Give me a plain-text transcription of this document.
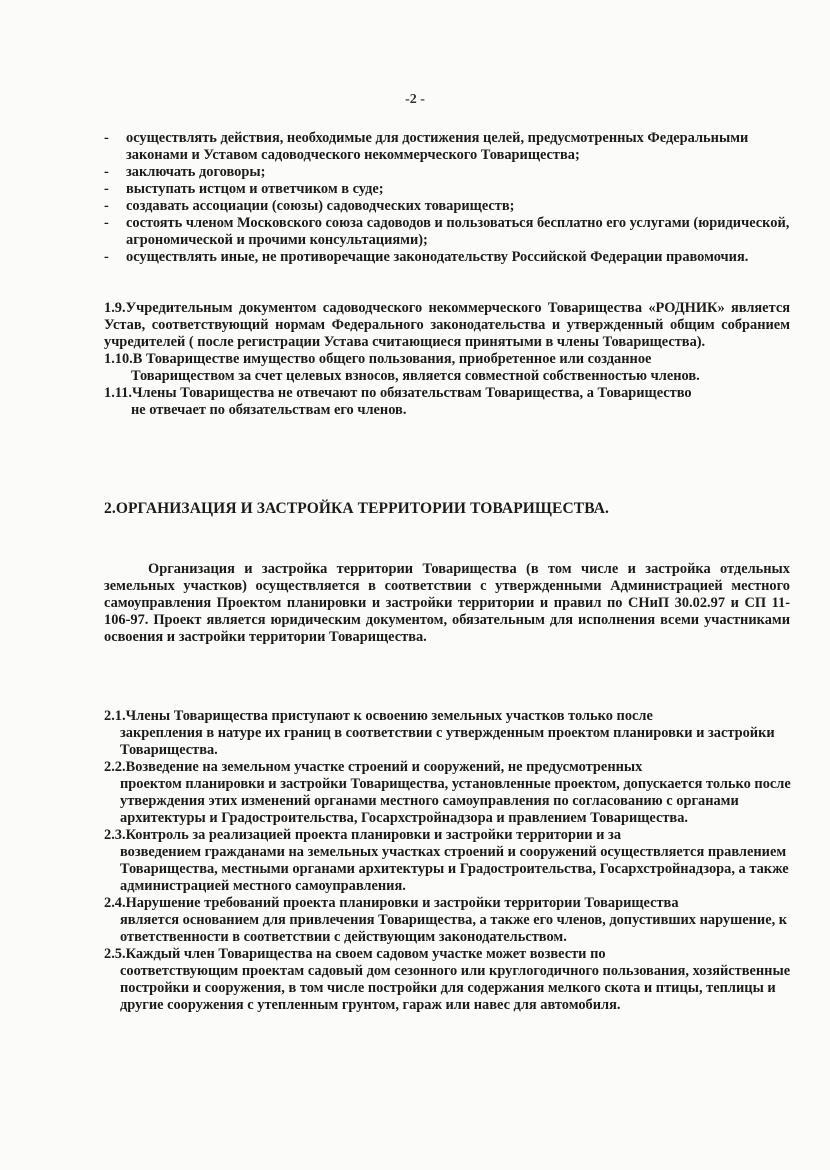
-2 -

- осуществлять действия, необходимые для достижения целей, предусмотренных Федеральными законами и Уставом садоводческого некоммерческого Товарищества;

- заключать договоры;

- выступать истцом и ответчиком в суде;

- создавать ассоциации (союзы) садоводческих товариществ;

- состоять членом Московского союза садоводов и пользоваться бесплатно его услугами (юридической, агрономической и прочими консультациями);

- осуществлять иные, не противоречащие законодательству Российской Федерации правомочия.

1.9.Учредительным документом садоводческого некоммерческого Товарищества «РОДНИК» является Устав, соответствующий нормам Федерального законодательства и утвержденный общим собранием учредителей ( после регистрации Устава считающиеся принятыми в члены Товарищества).

1.10.В Товариществе имущество общего пользования, приобретенное или созданное
Товариществом за счет целевых взносов, является совместной собственностью членов.
1.11.Члены Товарищества не отвечают по обязательствам Товарищества, а Товарищество
не отвечает по обязательствам его членов.
2.ОРГАНИЗАЦИЯ И ЗАСТРОЙКА ТЕРРИТОРИИ ТОВАРИЩЕСТВА.

Организация и застройка территории Товарищества (в том числе и застройка отдельных земельных участков) осуществляется в соответствии с утвержденными Администрацией местного самоуправления Проектом планировки и застройки территории и правил по СНиП 30.02.97 и СП 11-106-97. Проект является юридическим документом, обязательным для исполнения всеми участниками освоения и застройки территории Товарищества.

2.1.Члены Товарищества приступают к освоению земельных участков только после
закрепления в натуре их границ в соответствии с утвержденным проектом планировки и застройки Товарищества.
2.2.Возведение на земельном участке строений и сооружений, не предусмотренных
проектом планировки и застройки Товарищества, установленные проектом, допускается только после утверждения этих изменений органами местного самоуправления по согласованию с органами архитектуры и Градостроительства, Госархстройнадзора и правлением Товарищества.
2.3.Контроль за реализацией проекта планировки и застройки территории и за
возведением гражданами на земельных участках строений и сооружений осуществляется правлением Товарищества, местными органами архитектуры и Градостроительства, Госархстройнадзора, а также администрацией местного самоуправления.
2.4.Нарушение требований проекта планировки и застройки территории Товарищества
является основанием для привлечения Товарищества, а также его членов, допустивших нарушение, к ответственности в соответствии с действующим законодательством.
2.5.Каждый член Товарищества на своем садовом участке может возвести по
соответствующим проектам садовый дом сезонного или круглогодичного пользования, хозяйственные постройки и сооружения, в том числе постройки для содержания мелкого скота и птицы, теплицы и другие сооружения с утепленным грунтом, гараж или навес для автомобиля.
